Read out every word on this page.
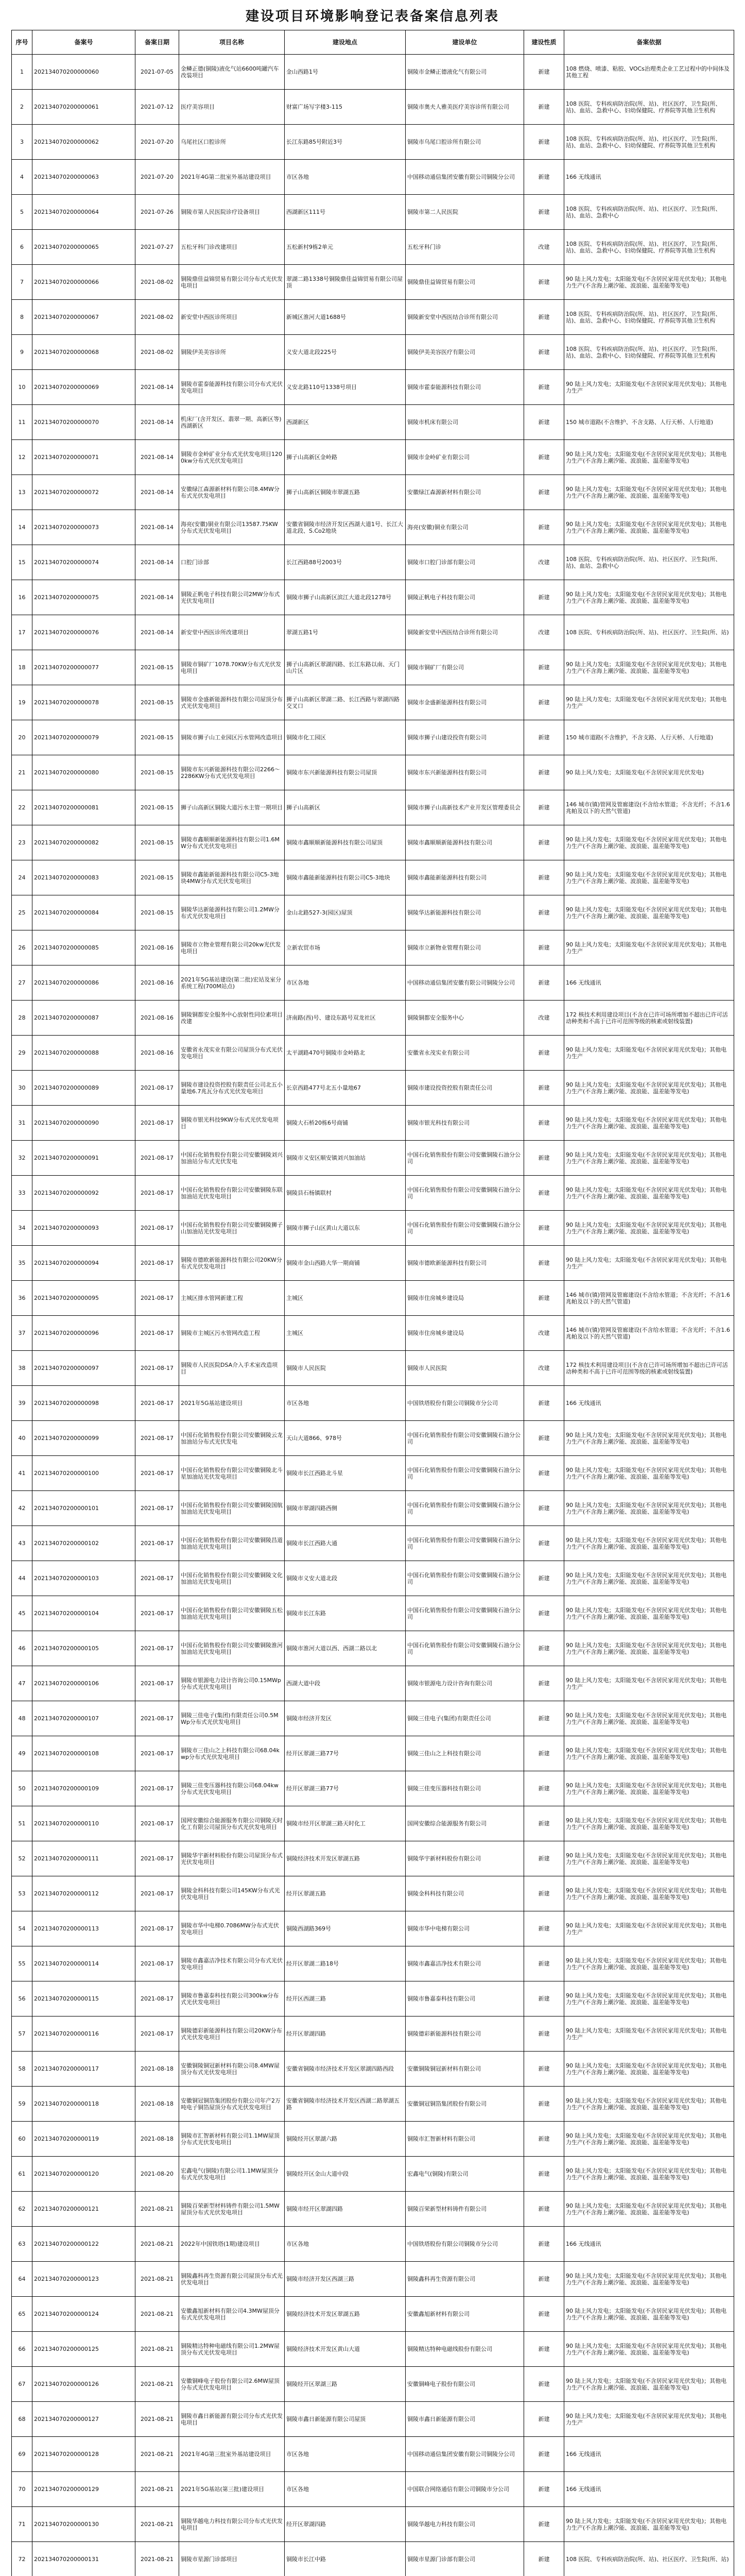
建设项目环境影响登记表备案信息列表
序号	备案号	备案日期	项目名称	建设地点	建设单位	建设性质	备案依据
1	202134070200000060	2021-07-05	金鳞正德(铜陵)液化气站6600吨罐汽车改装项目	金山西路1号	铜陵市金鳞正德液化气有限公司	新建	108 燃烧、喷漆、粘胶、VOCs治理类企业工艺过程中的中间体及其他工程
2	202134070200000061	2021-07-12	医疗美容项目	财富广场写字楼3-115	铜陵市奥夫人雅美医疗美容诊所有限公司	新建	108 医院、专科疾病防治院(所、站)、社区医疗、卫生院(所、站)、血站、急救中心、妇幼保健院、疗养院等其他卫生机构
3	202134070200000062	2021-07-20	乌尾社区口腔诊所	长江东路85号附近3号	铜陵市乌尾口腔诊所有限公司	新建	108 医院、专科疾病防治院(所、站)、社区医疗、卫生院(所、站)、血站、急救中心、妇幼保健院、疗养院等其他卫生机构
4	202134070200000063	2021-07-20	2021年4G第二批室外基站建设项目	市区各地	中国移动通信集团安徽有限公司铜陵分公司	新建	166 无线通讯
5	202134070200000064	2021-07-26	铜陵市第人民医院诊疗设备项目	西湖新区111号	铜陵市第二人民医院	新建	108 医院、专科疾病防治院(所、站)、社区医疗、卫生院(所、站)、血站、急救中心
6	202134070200000065	2021-07-27	五松牙科门诊改建项目	五松新村9栋2单元	五松牙科门诊	改建	108 医院、专科疾病防治院(所、站)、社区医疗、卫生院(所、站)、血站、急救中心、妇幼保健院、疗养院等其他卫生机构
7	202134070200000066	2021-08-02	铜陵鼎佳益锦贸易有限公司分布式光伏发电项目	翠湖二路1338号铜陵鼎佳益锦贸易有限公司屋顶	铜陵鼎佳益锦贸易有限公司	新建	90 陆上风力发电；太阳能发电(不含居民家用光伏发电)；其他电力生产(不含海上潮汐能、波浪能、温差能等发电)
8	202134070200000067	2021-08-02	新安堂中西医诊所项目	新城区淮河大道1688号	铜陵新安堂中西医结合诊所有限公司	新建	108 医院、专科疾病防治院(所、站)、社区医疗、卫生院(所、站)、血站、急救中心、妇幼保健院、疗养院等其他卫生机构
9	202134070200000068	2021-08-02	铜陵伊美美容诊所	义安大道北段225号	铜陵伊美美容医疗有限公司	新建	108 医院、专科疾病防治院(所、站)、社区医疗、卫生院(所、站)、血站、急救中心、妇幼保健院、疗养院等其他卫生机构
10	202134070200000069	2021-08-14	铜陵市霍泰能源科技有限公司分布式光伏发电项目	义安北路110号1338号项目	铜陵市霍泰能源科技有限公司	新建	90 陆上风力发电；太阳能发电(不含居民家用光伏发电)；其他电力生产
11	202134070200000070	2021-08-14	机床厂(含开发区、翡翠一期、高新区等)西湖新区	西湖新区	铜陵市机床有限公司	新建	150 城市道路(不含维护、不含支路、人行天桥、人行地道)
12	202134070200000071	2021-08-14	铜陵市金岭矿业分布式光伏发电项目1200kw分布式光伏发电项目	狮子山高新区金岭路	铜陵市金岭矿业有限公司	新建	90 陆上风力发电；太阳能发电(不含居民家用光伏发电)；其他电力生产(不含海上潮汐能、波浪能、温差能等发电)
13	202134070200000072	2021-08-14	安徽绿江森源新材料有限公司8.4MW分布式光伏发电项目	狮子山高新区铜陵市翠湖五路	安徽绿江森源新材料有限公司	新建	90 陆上风力发电；太阳能发电(不含居民家用光伏发电)；其他电力生产(不含海上潮汐能、波浪能、温差能等发电)
14	202134070200000073	2021-08-14	海亮(安徽)铜业有限公司13587.75KW分布式光伏发电项目	安徽省铜陵市经济开发区西湖大道1号、长江大道北段、S.Co2地块	海亮(安徽)铜业有限公司	新建	90 陆上风力发电；太阳能发电(不含居民家用光伏发电)；其他电力生产(不含海上潮汐能、波浪能、温差能等发电)
15	202134070200000074	2021-08-14	口腔门诊部	长江西路88号2003号	铜陵市口腔门诊部有限公司	改建	108 医院、专科疾病防治院(所、站)、社区医疗、卫生院(所、站)、血站、急救中心
16	202134070200000075	2021-08-14	铜陵正帆电子科技有限公司2MW分布式光伏发电项目	铜陵市狮子山高新区滨江大道北段1278号	铜陵正帆电子科技有限公司	新建	90 陆上风力发电；太阳能发电(不含居民家用光伏发电)；其他电力生产(不含海上潮汐能、波浪能、温差能等发电)
17	202134070200000076	2021-08-14	新安堂中西医诊所改建项目	翠湖五路1号	铜陵新安堂中西医结合诊所有限公司	改建	108 医院、专科疾病防治院(所、站)、社区医疗、卫生院(所、站)
18	202134070200000077	2021-08-15	铜陵市铜矿厂1078.70KW分布式光伏发电项目	狮子山高新区翠湖四路、长江东路以南、天门山片区	铜陵市铜矿厂有限公司	新建	90 陆上风力发电；太阳能发电(不含居民家用光伏发电)；其他电力生产(不含海上潮汐能、波浪能、温差能等发电)
19	202134070200000078	2021-08-15	铜陵市金盛新能源科技有限公司屋顶分布式光伏发电项目	狮子山高新区翠湖二路、长江西路与翠湖四路交叉口	铜陵市金盛新能源科技有限公司	新建	90 陆上风力发电；太阳能发电(不含居民家用光伏发电)；其他电力生产
20	202134070200000079	2021-08-15	铜陵市狮子山工业园区污水管网改造项目	铜陵市化工园区	铜陵市狮子山建设投资有限公司	新建	150 城市道路(不含维护，不含支路、人行天桥、人行地道)
21	202134070200000080	2021-08-15	铜陵市东兴新能源科技有限公司2266～2286KW分布式光伏发电项目	铜陵市东兴新能源科技有限公司屋顶	铜陵市东兴新能源科技有限公司	新建	90 陆上风力发电；太阳能发电(不含居民家用光伏发电)
22	202134070200000081	2021-08-15	狮子山高新区铜陵大道污水主管一期项目	狮子山高新区	铜陵市狮子山高新技术产业开发区管理委员会	新建	146 城市(镇)管网及管廊建设(不含给水管道；不含光纤；不含1.6兆帕及以下的天然气管道)
23	202134070200000082	2021-08-15	铜陵市鑫顺顺新能源科技有限公司1.6MW分布式光伏发电项目	铜陵市鑫顺顺新能源科技有限公司屋顶	铜陵市鑫顺顺新能源科技有限公司	新建	90 陆上风力发电；太阳能发电(不含居民家用光伏发电)；其他电力生产(不含海上潮汐能、波浪能、温差能等发电)
24	202134070200000083	2021-08-15	铜陵市鑫能新能源科技有限公司C5-3地块4MW分布式光伏发电项目	铜陵市鑫能新能源科技有限公司C5-3地块	铜陵市鑫能新能源科技有限公司	新建	90 陆上风力发电；太阳能发电(不含居民家用光伏发电)；其他电力生产(不含海上潮汐能、波浪能、温差能等发电)
25	202134070200000084	2021-08-15	铜陵华达新能源科技有限公司1.2MW分布式光伏发电项目	金山北路527-3(园区)屋顶	铜陵华达新能源科技有限公司	新建	90 陆上风力发电；太阳能发电(不含居民家用光伏发电)；其他电力生产(不含海上潮汐能、波浪能、温差能等发电)
26	202134070200000085	2021-08-16	铜陵市立物业管理有限公司20kw光伏发电项目	立新农贸市场	铜陵市立新物业管理有限公司	新建	90 陆上风力发电；太阳能发电(不含居民家用光伏发电)；其他电力生产
27	202134070200000086	2021-08-16	2021年5G基站建设(第二批)宏站及室分系统工程(700M站点)	市区各地	中国移动通信集团安徽有限公司铜陵分公司	新建	166 无线通讯
28	202134070200000087	2021-08-16	铜陵铜都安全服务中心放射性同位素项目改建	济南路(西)号、建设东路号双龙社区	铜陵铜都安全服务中心	改建	172 核技术利用建设项目(不含在已许可场所增加不超出已许可活动种类和不高于已许可范围等级的核素或射线装置)
29	202134070200000088	2021-08-16	安徽省永茂实业有限公司屋顶分布式光伏发电项目	太平湖路470号铜陵市金岭路北	安徽省永茂实业有限公司	新建	90 陆上风力发电；太阳能发电(不含居民家用光伏发电)；其他电力生产
30	202134070200000089	2021-08-17	铜陵市建设投资控股有限责任公司北五小量地6.7兆瓦分布式光伏发电项目	长京西路477号北五小量地67	铜陵市建设投资控股有限责任公司	新建	90 陆上风力发电；太阳能发电(不含居民家用光伏发电)；其他电力生产(不含海上潮汐能、波浪能、温差能等发电)
31	202134070200000090	2021-08-17	铜陵市银光科技9KW分布式光伏发电项目	铜陵大石桥20栋6号商铺	铜陵市银光科技有限公司	新建	90 陆上风力发电；太阳能发电(不含居民家用光伏发电)；其他电力生产(不含海上潮汐能、波浪能、温差能等发电)
32	202134070200000091	2021-08-17	中国石化销售股份有限公司安徽铜陵刘兴加油站分布式光伏发电	铜陵市义安区顺安镇刘兴加油站	中国石化销售股份有限公司安徽铜陵石油分公司	新建	90 陆上风力发电；太阳能发电(不含居民家用光伏发电)；其他电力生产(不含海上潮汐能、波浪能、温差能等发电)
33	202134070200000092	2021-08-17	中国石化销售股份有限公司安徽铜陵东联加油站光伏发电项目	铜陵县石杨镇联村	中国石化销售股份有限公司安徽铜陵石油分公司	新建	90 陆上风力发电；太阳能发电(不含居民家用光伏发电)；其他电力生产(不含海上潮汐能、波浪能、温差能等发电)
34	202134070200000093	2021-08-17	中国石化销售股份有限公司安徽铜陵狮子山加油站光伏发电项目	铜陵市狮子山区黄山大道以东	中国石化销售股份有限公司安徽铜陵石油分公司	新建	90 陆上风力发电；太阳能发电(不含居民家用光伏发电)；其他电力生产(不含海上潮汐能、波浪能、温差能等发电)
35	202134070200000094	2021-08-17	铜陵市德欧新能源科技有限公司20KW分布式光伏发电项目	铜陵市金山西路大华一期商铺	铜陵市德欧新能源科技有限公司	新建	90 陆上风力发电；太阳能发电(不含居民家用光伏发电)；其他电力生产
36	202134070200000095	2021-08-17	主城区排水管网新建工程	主城区	铜陵市住房城乡建设局	新建	146 城市(镇)管网及管廊建设(不含给水管道；不含光纤；不含1.6兆帕及以下的天然气管道)
37	202134070200000096	2021-08-17	铜陵市主城区污水管网改造工程	主城区	铜陵市住房城乡建设局	改建	146 城市(镇)管网及管廊建设(不含给水管道；不含光纤；不含1.6兆帕及以下的天然气管道)
38	202134070200000097	2021-08-17	铜陵市人民医院DSA介入手术室改造项目	铜陵市人民医院	铜陵市人民医院	改建	172 核技术利用建设项目(不含在已许可场所增加不超出已许可活动种类和不高于已许可范围等级的核素或射线装置)
39	202134070200000098	2021-08-17	2021年5G基站建设项目	市区各地	中国铁塔股份有限公司铜陵市分公司	新建	166 无线通讯
40	202134070200000099	2021-08-17	中国石化销售股份有限公司安徽铜陵云龙加油站分布式光伏发电	天山大道866、978号	中国石化销售股份有限公司安徽铜陵石油分公司	新建	90 陆上风力发电；太阳能发电(不含居民家用光伏发电)；其他电力生产(不含海上潮汐能、波浪能、温差能等发电)
41	202134070200000100	2021-08-17	中国石化销售股份有限公司安徽铜陵北斗星加油站光伏发电项目	铜陵市长江西路北斗星	中国石化销售股份有限公司安徽铜陵石油分公司	新建	90 陆上风力发电；太阳能发电(不含居民家用光伏发电)；其他电力生产(不含海上潮汐能、波浪能、温差能等发电)
42	202134070200000101	2021-08-17	中国石化销售股份有限公司安徽铜陵国航加油站光伏发电项目	铜陵市翠湖四路西侧	中国石化销售股份有限公司安徽铜陵石油分公司	新建	90 陆上风力发电；太阳能发电(不含居民家用光伏发电)；其他电力生产(不含海上潮汐能、波浪能、温差能等发电)
43	202134070200000102	2021-08-17	中国石化销售股份有限公司安徽铜陵昌道加油站光伏发电项目	铜陵市长江西路大通	中国石化销售股份有限公司安徽铜陵石油分公司	新建	90 陆上风力发电；太阳能发电(不含居民家用光伏发电)；其他电力生产(不含海上潮汐能、波浪能、温差能等发电)
44	202134070200000103	2021-08-17	中国石化销售股份有限公司安徽铜陵文化加油站光伏发电项目	铜陵市义安大道北段	中国石化销售股份有限公司安徽铜陵石油分公司	新建	90 陆上风力发电；太阳能发电(不含居民家用光伏发电)；其他电力生产(不含海上潮汐能、波浪能、温差能等发电)
45	202134070200000104	2021-08-17	中国石化销售股份有限公司安徽铜陵五松加油站光伏发电项目	铜陵市长江东路	中国石化销售股份有限公司安徽铜陵石油分公司	新建	90 陆上风力发电；太阳能发电(不含居民家用光伏发电)；其他电力生产(不含海上潮汐能、波浪能、温差能等发电)
46	202134070200000105	2021-08-17	中国石化销售股份有限公司安徽铜陵淮河加油站光伏发电项目	铜陵市淮河大道以西、西湖二路以北	中国石化销售股份有限公司安徽铜陵石油分公司	新建	90 陆上风力发电；太阳能发电(不含居民家用光伏发电)；其他电力生产(不含海上潮汐能、波浪能、温差能等发电)
47	202134070200000106	2021-08-17	铜陵市银源电力设计咨询公司0.15MWp分布式光伏发电项目	西湖大道中段	铜陵市银源电力设计咨询有限公司	新建	90 陆上风力发电；太阳能发电(不含居民家用光伏发电)；其他电力生产
48	202134070200000107	2021-08-17	铜陵三佳电子(集团)有限责任公司0.5MWp分布式光伏发电项目	铜陵市经济开发区	铜陵三佳电子(集团)有限责任公司	新建	90 陆上风力发电；太阳能发电(不含居民家用光伏发电)；其他电力生产(不含海上潮汐能、波浪能、温差能等发电)
49	202134070200000108	2021-08-17	铜陵市三佳山之上科技有限公司68.04kwp分布式光伏发电项目	经开区翠湖三路77号	铜陵三佳山之上科技有限公司	新建	90 陆上风力发电；太阳能发电(不含居民家用光伏发电)；其他电力生产(不含海上潮汐能、波浪能、温差能等发电)
50	202134070200000109	2021-08-17	铜陵三佳变压器科技有限公司68.04kw分布式光伏发电项目	经开区翠湖三路77号	铜陵三佳变压器科技有限公司	新建	90 陆上风力发电；太阳能发电(不含居民家用光伏发电)；其他电力生产(不含海上潮汐能、波浪能、温差能等发电)
51	202134070200000110	2021-08-17	国网安徽综合能源服务有限公司铜陵天时化工有限公司屋顶分布式光伏发电项目	铜陵市经开区翠湖三路天时化工	国网安徽综合能源服务有限公司	新建	90 陆上风力发电；太阳能发电(不含居民家用光伏发电)；其他电力生产(不含海上潮汐能、波浪能、温差能等发电)
52	202134070200000111	2021-08-17	铜陵华宇新材料股份有限公司屋顶分布式光伏发电项目	铜陵经济技术开发区翠湖五路	铜陵华宇新材料股份有限公司	新建	90 陆上风力发电；太阳能发电(不含居民家用光伏发电)；其他电力生产(不含海上潮汐能、波浪能、温差能等发电)
53	202134070200000112	2021-08-17	铜陵金科科技有限公司145KW分布式光伏发电项目	经开区翠湖五路	铜陵金科科技有限公司	新建	90 陆上风力发电；太阳能发电(不含居民家用光伏发电)；其他电力生产(不含海上潮汐能、波浪能、温差能等发电)
54	202134070200000113	2021-08-17	铜陵市华中电梯0.7086MW分布式光伏发电项目	铜陵西湖路369号	铜陵市华中电梯有限公司	新建	90 陆上风力发电；太阳能发电(不含居民家用光伏发电)；其他电力生产
55	202134070200000114	2021-08-17	铜陵市鑫嘉洁净技术有限公司分布式光伏发电项目	经开区翠湖二路18号	铜陵市鑫嘉洁净技术有限公司	新建	90 陆上风力发电；太阳能发电(不含居民家用光伏发电)；其他电力生产(不含海上潮汐能、波浪能、温差能等发电)
56	202134070200000115	2021-08-17	铜陵市鲁嘉泰科技有限公司300kw分布式光伏发电项目	经开区西湖三路	铜陵市鲁嘉泰科技有限公司	新建	90 陆上风力发电；太阳能发电(不含居民家用光伏发电)；其他电力生产(不含海上潮汐能、波浪能、温差能等发电)
57	202134070200000116	2021-08-17	铜陵德彩新能源科技有限公司20KW分布式光伏发电项目	经开区翠湖四路	铜陵德彩新能源科技有限公司	新建	90 陆上风力发电；太阳能发电(不含居民家用光伏发电)；其他电力生产
58	202134070200000117	2021-08-18	安徽铜陵铜冠新材料有限公司8.4MW屋顶分布式光伏发电项目	安徽省铜陵市经济技术开发区翠湖四路西段	安徽铜陵铜冠新材料有限公司	新建	90 陆上风力发电；太阳能发电(不含居民家用光伏发电)；其他电力生产(不含海上潮汐能、波浪能、温差能等发电)
59	202134070200000118	2021-08-18	安徽铜冠铜箔集团股份有限公司年产2万吨电子铜箔屋顶分布式光伏发电项目	安徽省铜陵市经济技术开发区西湖二路翠湖五路	安徽铜冠铜箔集团股份有限公司	新建	90 陆上风力发电；太阳能发电(不含居民家用光伏发电)；其他电力生产(不含海上潮汐能、波浪能、温差能等发电)
60	202134070200000119	2021-08-18	铜陵市汇智新材料有限公司1.1MW屋顶分布式光伏发电项目	铜陵经开区翠湖六路	铜陵市汇智新材料有限公司	新建	90 陆上风力发电；太阳能发电(不含居民家用光伏发电)；其他电力生产(不含海上潮汐能、波浪能、温差能等发电)
61	202134070200000120	2021-08-20	宏鑫电气(铜陵)有限公司1.1MW屋顶分布式光伏发电项目	铜陵经开区金山大道中段	宏鑫电气(铜陵)有限公司	新建	90 陆上风力发电；太阳能发电(不含居民家用光伏发电)；其他电力生产(不含海上潮汐能、波浪能、温差能等发电)
62	202134070200000121	2021-08-21	铜陵百荣新型材料铸件有限公司1.5MW屋顶分布式光伏发电项目	铜陵市经开区翠湖四路	铜陵百荣新型材料铸件有限公司	新建	90 陆上风力发电；太阳能发电(不含居民家用光伏发电)；其他电力生产(不含海上潮汐能、波浪能、温差能等发电)
63	202134070200000122	2021-08-21	2022年中国铁塔(1期)建设项目	市区各地	中国铁塔股份有限公司铜陵市分公司	新建	166 无线通讯
64	202134070200000123	2021-08-21	铜陵鑫科再生资源有限公司屋顶分布式光伏发电项目	铜陵市经济开发区西湖三路	铜陵鑫科再生资源有限公司	新建	90 陆上风力发电；太阳能发电(不含居民家用光伏发电)；其他电力生产(不含海上潮汐能、波浪能、温差能等发电)
65	202134070200000124	2021-08-21	安徽鑫旭新材料有限公司4.3MW屋顶分布式光伏发电项目	铜陵经济技术开发区翠湖五路	安徽鑫旭新材料有限公司	新建	90 陆上风力发电；太阳能发电(不含居民家用光伏发电)；其他电力生产(不含海上潮汐能、波浪能、温差能等发电)
66	202134070200000125	2021-08-21	铜陵精达特种电磁线有限公司1.2MW屋顶分布式光伏发电项目	铜陵经济技术开发区黄山大道	铜陵精达特种电磁线股份有限公司	新建	90 陆上风力发电；太阳能发电(不含居民家用光伏发电)；其他电力生产(不含海上潮汐能、波浪能、温差能等发电)
67	202134070200000126	2021-08-21	安徽铜峰电子股份有限公司2.6MW屋顶分布式光伏发电项目	铜陵经开区翠湖三路	安徽铜峰电子股份有限公司	新建	90 陆上风力发电；太阳能发电(不含居民家用光伏发电)；其他电力生产(不含海上潮汐能、波浪能、温差能等发电)
68	202134070200000127	2021-08-21	铜陵市鑫日新能源有限公司分布式光伏发电项目	铜陵市鑫日新能源有限公司屋顶	铜陵市鑫日新能源有限公司	新建	90 陆上风力发电；太阳能发电(不含居民家用光伏发电)；其他电力生产
69	202134070200000128	2021-08-21	2021年4G第三批室外基站建设项目	市区各地	中国移动通信集团安徽有限公司铜陵分公司	新建	166 无线通讯
70	202134070200000129	2021-08-21	2021年5G基站(第三批)建设项目	市区各地	中国联合网络通信有限公司铜陵市分公司	新建	166 无线通讯
71	202134070200000130	2021-08-21	铜陵华越电力科技有限公司分布式光伏发电项目	经开区翠湖四路	铜陵华越电力科技有限公司	新建	90 陆上风力发电；太阳能发电(不含居民家用光伏发电)；其他电力生产(不含海上潮汐能、波浪能、温差能等发电)
72	202134070200000131	2021-08-21	铜陵市星源门诊部项目	铜陵市长江中路	铜陵市星源门诊部有限公司	新建	108 医院、专科疾病防治院(所、站)、社区医疗、卫生院(所、站)
